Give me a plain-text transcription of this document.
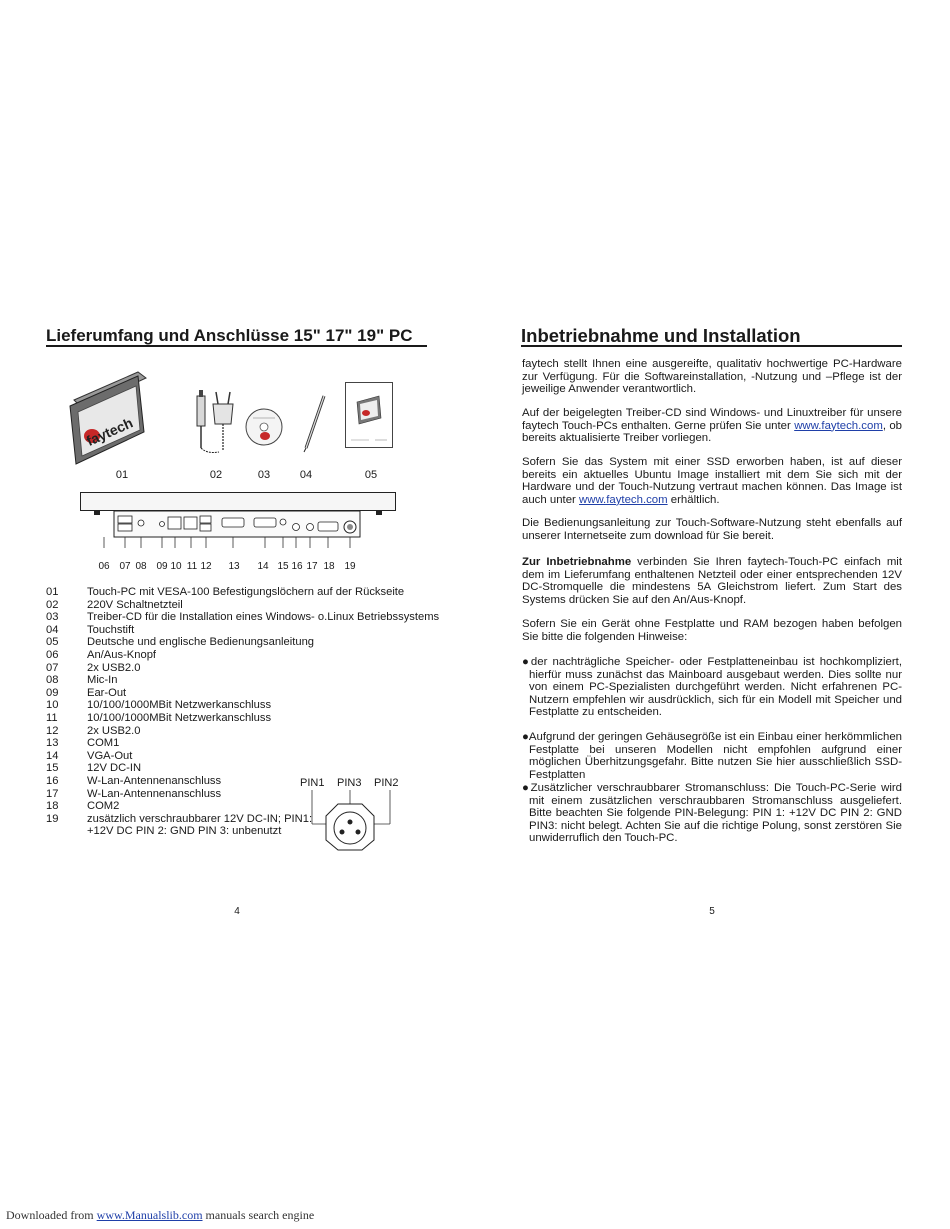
Lieferumfang und Anschlüsse 15" 17" 19" PC
faytech
01	02	03	04	05
06 07 08 09 10 11 12 13 14 15 16 17 18 19
01	Touch-PC mit VESA-100 Befestigungslöchern auf der Rückseite
02	220V Schaltnetzteil
03	Treiber-CD für die Installation eines Windows- o.Linux Betriebssystems
04	Touchstift
05	Deutsche und englische Bedienungsanleitung
06	An/Aus-Knopf
07	2x USB2.0
08	Mic-In
09	Ear-Out
10	10/100/1000MBit Netzwerkanschluss
11	10/100/1000MBit Netzwerkanschluss
12	2x USB2.0
13	COM1
14	VGA-Out
15	12V DC-IN
16	W-Lan-Antennenanschluss
17	W-Lan-Antennenanschluss
18	COM2
19	zusätzlich verschraubbarer 12V DC-IN; PIN1:
+12V DC PIN 2: GND PIN 3: unbenutzt
PIN1 PIN3 PIN2
4
Inbetriebnahme und Installation
faytech stellt Ihnen eine ausgereifte, qualitativ hochwertige PC-Hardware zur Verfügung. Für die Softwareinstallation, -Nutzung und –Pflege ist der jeweilige Anwender verantwortlich.
Auf der beigelegten Treiber-CD sind Windows- und Linuxtreiber für unsere faytech Touch-PCs enthalten. Gerne prüfen Sie unter www.faytech.com, ob bereits aktualisierte Treiber vorliegen.
Sofern Sie das System mit einer SSD erworben haben, ist auf dieser bereits ein aktuelles Ubuntu Image installiert mit dem Sie sich mit der Hardware und der Touch-Nutzung vertraut machen können. Das Image ist auch unter www.faytech.com erhältlich.
Die Bedienungsanleitung zur Touch-Software-Nutzung steht ebenfalls auf unserer Internetseite zum download für Sie bereit.
Zur Inbetriebnahme verbinden Sie Ihren faytech-Touch-PC einfach mit dem im Lieferumfang enthaltenen Netzteil oder einer entsprechenden 12V DC-Stromquelle die mindestens 5A Gleichstrom liefert. Zum Start des Systems drücken Sie auf den An/Aus-Knopf.
Sofern Sie ein Gerät ohne Festplatte und RAM bezogen haben befolgen Sie bitte die folgenden Hinweise:
●der nachträgliche Speicher- oder Festplatteneinbau ist hochkompliziert, hierfür muss zunächst das Mainboard ausgebaut werden. Dies sollte nur von einem PC-Spezialisten durchgeführt werden. Nicht erfahrenen PC-Nutzern empfehlen wir ausdrücklich, sich für ein Modell mit Speicher und Festplatte zu entscheiden.
●Aufgrund der geringen Gehäusegröße ist ein Einbau einer herkömmlichen Festplatte bei unseren Modellen nicht empfohlen aufgrund einer möglichen Überhitzungsgefahr. Bitte nutzen Sie hier ausschließlich SSD-Festplatten
●Zusätzlicher verschraubbarer Stromanschluss: Die Touch-PC-Serie wird mit einem zusätzlichen verschraubbaren Stromanschluss ausgeliefert. Bitte beachten Sie folgende PIN-Belegung: PIN 1: +12V DC PIN 2: GND PIN3: nicht belegt. Achten Sie auf die richtige Polung, sonst zerstören Sie unwiderruflich den Touch-PC.
5
Downloaded from www.Manualslib.com manuals search engine
